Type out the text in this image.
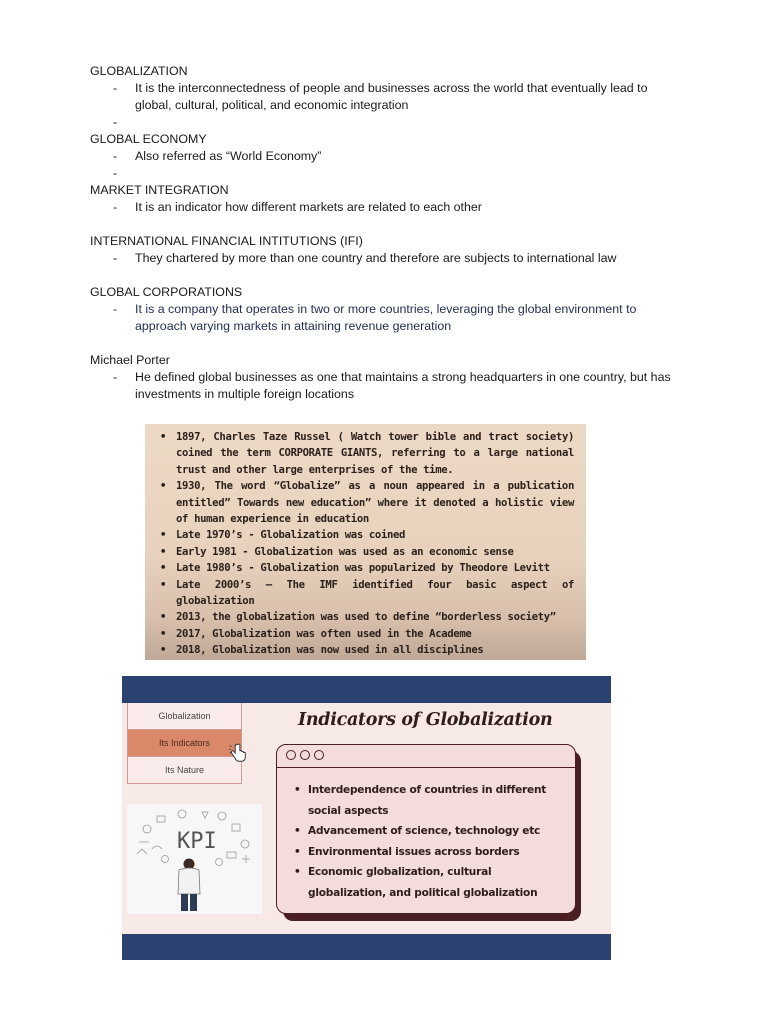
GLOBALIZATION

- It is the interconnectedness of people and businesses across the world that eventually lead to global, cultural, political, and economic integration
-

GLOBAL ECONOMY

- Also referred as “World Economy”
-

MARKET INTEGRATION

- It is an indicator how different markets are related to each other

INTERNATIONAL FINANCIAL INTITUTIONS (IFI)

- They chartered by more than one country and therefore are subjects to international law

GLOBAL CORPORATIONS

- It is a company that operates in two or more countries, leveraging the global environment to approach varying markets in attaining revenue generation

Michael Porter

- He defined global businesses as one that maintains a strong headquarters in one country, but has investments in multiple foreign locations
• 1897, Charles Taze Russel ( Watch tower bible and tract society) coined the term CORPORATE GIANTS, referring to a large national trust and other large enterprises of the time.
• 1930, The word “Globalize” as a noun appeared in a publication entitled” Towards new education” where it denoted a holistic view of human experience in education
• Late 1970’s - Globalization was coined
• Early 1981 - Globalization was used as an economic sense
• Late 1980’s - Globalization was popularized by Theodore Levitt
• Late 2000’s — The IMF identified four basic aspect of globalization
• 2013, the globalization was used to define “borderless society”
• 2017, Globalization was often used in the Academe
• 2018, Globalization was now used in all disciplines
Globalization
Its Indicators
Its Nature
Indicators of Globalization
KPI
• Interdependence of countries in different social aspects
• Advancement of science, technology etc
• Environmental issues across borders
• Economic globalization, cultural globalization, and political globalization
